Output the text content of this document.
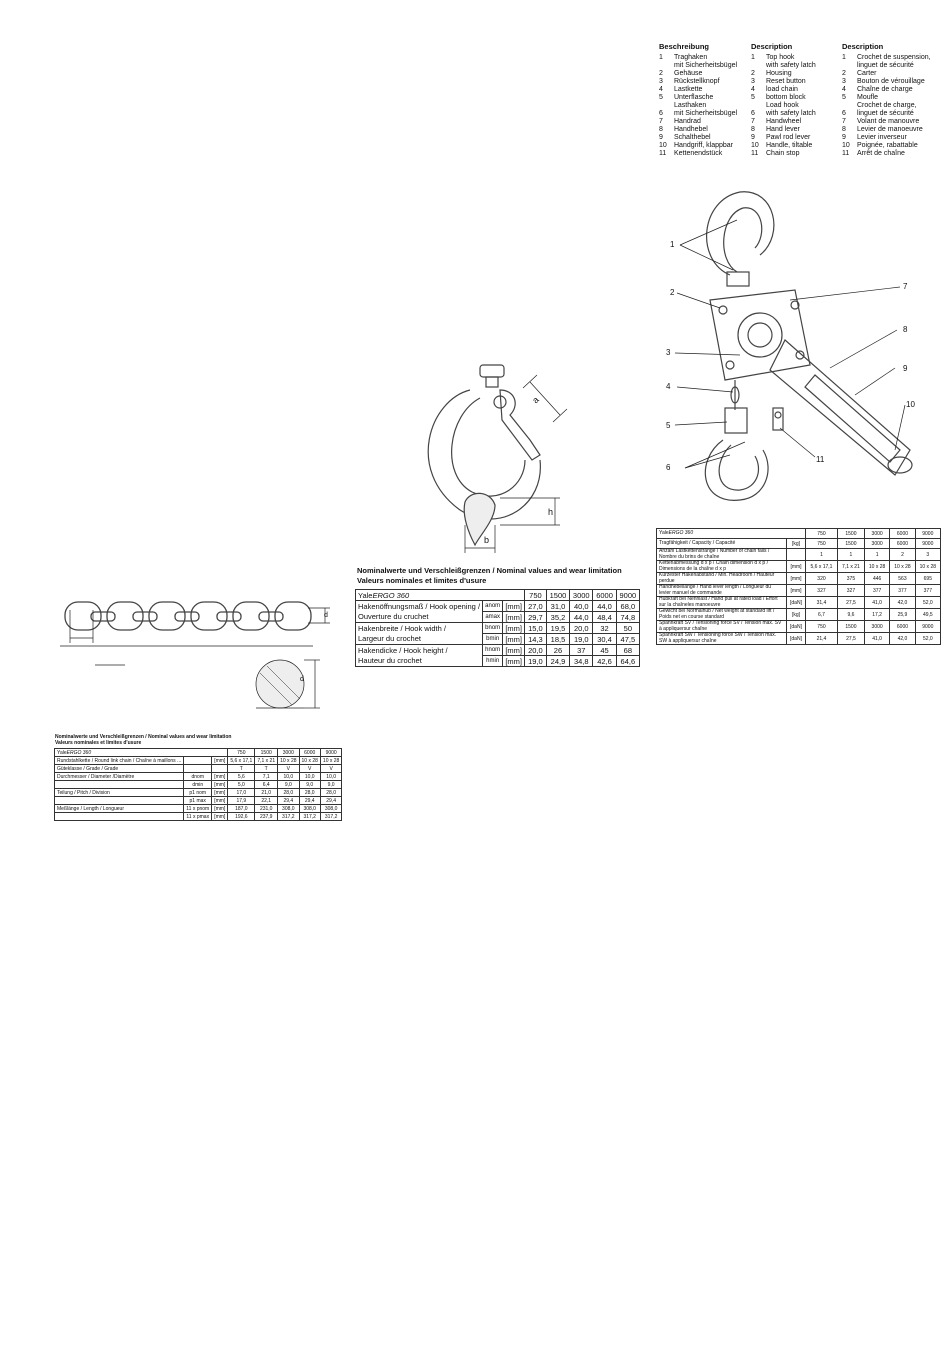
Beschreibung
1	Traghaken
mit Sicherheitsbügel
2	Gehäuse
3	Rückstellknopf
4	Lastkette
5	Unterflasche
Lasthaken
6	mit Sicherheitsbügel
7	Handrad
8	Handhebel
9	Schalthebel
10	Handgriff, klappbar
11	Kettenendstück
Description
1	Top hook
with safety latch
2	Housing
3	Reset button
4	load chain
5	bottom block
Load hook
6	with safety latch
7	Handwheel
8	Hand lever
9	Pawl rod lever
10	Handle, tiltable
11	Chain stop
Description
1	Crochet de suspension,
linguet de sécurité
2	Carter
3	Bouton de vérouillage
4	Chaîne de charge
5	Moufle
Crochet de charge,
6	linguet de sécurité
7	Volant de manouvre
8	Levier de manoeuvre
9	Levier inverseur
10	Poignée, rabattable
11	Arrêt de chaîne
1
2
7
3
8
9
4
10
5
11
6
YaleERGO 360		750	1500	3000	6000	9000
Tragfähigkeit / Capacity / Capacité	[kg]	750	1500	3000	6000	9000
Anzahl Lastkettenstränge / Number of chain falls / Nombre du brins de chaîne		1	1	1	2	3
Kettenabmessung d x p / Chain dimension d x p / Dimensions de la chaîne d x p	[mm]	5,6 x 17,1	7,1 x 21	10 x 28	10 x 28	10 x 28
Kürzester Hakenabstand / Min. Headroom / Hauteur perdue	[mm]	320	375	446	563	695
Handhebellänge / Hand lever length / Longueur du levier manuel de commande	[mm]	327	327	377	377	377
Hubkraft bei Nennlast / Hand pull at rated load / Effort sur la chaîneles manoeuvre	[daN]	31,4	27,5	41,0	42,0	52,0
Gewicht bei Normalhub / Net weight at standard lift / Poids net en course standard	[kg]	6,7	9,6	17,2	25,9	49,5
Spannkraft SV / Tensioning force SV / Tension max. SV à appliquersur chaîne	[daN]	750	1500	3000	6000	9000
Spannkraft SW / Tensioning force SW / Tension max. SW à appliquersur chaîne	[daN]	21,4	27,5	41,0	42,0	52,0
a
h
b
Nominalwerte und Verschleißgrenzen / Nominal values and wear limitation
Valeurs nominales et limites d'usure
YaleERGO 360			750	1500	3000	6000	9000
Hakenöffnungsmaß / Hook opening /	anom	[mm]	27,0	31,0	40,0	44,0	68,0
Ouverture du cruchet	amax	[mm]	29,7	35,2	44,0	48,4	74,8
Hakenbreite / Hook width /	bnom	[mm]	15,0	19,5	20,0	32	50
Largeur du crochet	bmin	[mm]	14,3	18,5	19,0	30,4	47,5
Hakendicke / Hook height /	hnom	[mm]	20,0	26	37	45	68
Hauteur du crochet	hmin	[mm]	19,0	24,9	34,8	42,6	64,6
d
d
Nominalwerte und Verschleißgrenzen / Nominal values and wear limitation
Valeurs nominales et limites d'usure
YaleERGO 360			750	1500	3000	6000	9000
Rundstahlkette / Round link chain / Chaîne à maillons ...		[mm]	5,6 x 17,1	7,1 x 21	10 x 28	10 x 28	10 x 28
Güteklasse / Grade / Grade			T	T	V	V	V
Durchmesser / Diameter /Diamètre	dnom	[mm]	5,6	7,1	10,0	10,0	10,0
	dmin	[mm]	5,0	6,4	9,0	9,0	9,0
Teilung / Pitch / Division	p1 nom	[mm]	17,0	21,0	28,0	28,0	28,0
	p1 max	[mm]	17,9	22,1	29,4	29,4	29,4
Meßlänge / Length / Longueur	11 x pnom	[mm]	187,0	231,0	308,0	308,0	308,0
	11 x pmax	[mm]	192,6	237,9	317,2	317,2	317,2
